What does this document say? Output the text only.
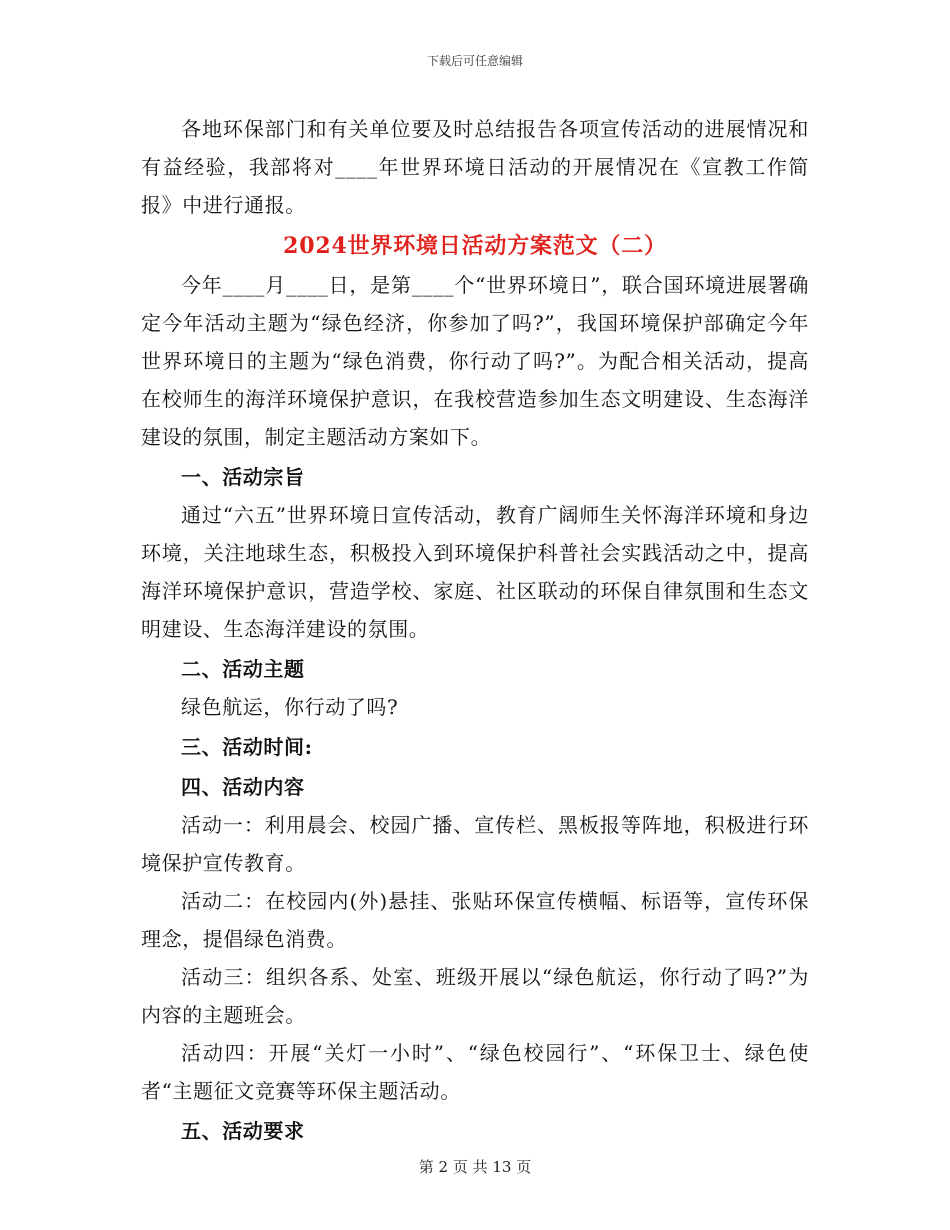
下载后可任意编辑

各地环保部门和有关单位要及时总结报告各项宣传活动的进展情况和有益经验，我部将对____年世界环境日活动的开展情况在《宣教工作简报》中进行通报。

2024世界环境日活动方案范文（二）

今年____月____日，是第____个“世界环境日”，联合国环境进展署确定今年活动主题为“绿色经济，你参加了吗?”，我国环境保护部确定今年世界环境日的主题为“绿色消费，你行动了吗?”。为配合相关活动，提高在校师生的海洋环境保护意识，在我校营造参加生态文明建设、生态海洋建设的氛围，制定主题活动方案如下。

一、活动宗旨

通过“六五”世界环境日宣传活动，教育广阔师生关怀海洋环境和身边环境，关注地球生态，积极投入到环境保护科普社会实践活动之中，提高海洋环境保护意识，营造学校、家庭、社区联动的环保自律氛围和生态文明建设、生态海洋建设的氛围。

二、活动主题

绿色航运，你行动了吗?

三、活动时间:

四、活动内容

活动一：利用晨会、校园广播、宣传栏、黑板报等阵地，积极进行环境保护宣传教育。

活动二：在校园内(外)悬挂、张贴环保宣传横幅、标语等，宣传环保理念，提倡绿色消费。

活动三：组织各系、处室、班级开展以“绿色航运，你行动了吗?”为内容的主题班会。

活动四：开展“关灯一小时”、“绿色校园行”、“环保卫士、绿色使者“主题征文竞赛等环保主题活动。

五、活动要求

第 2 页 共 13 页
